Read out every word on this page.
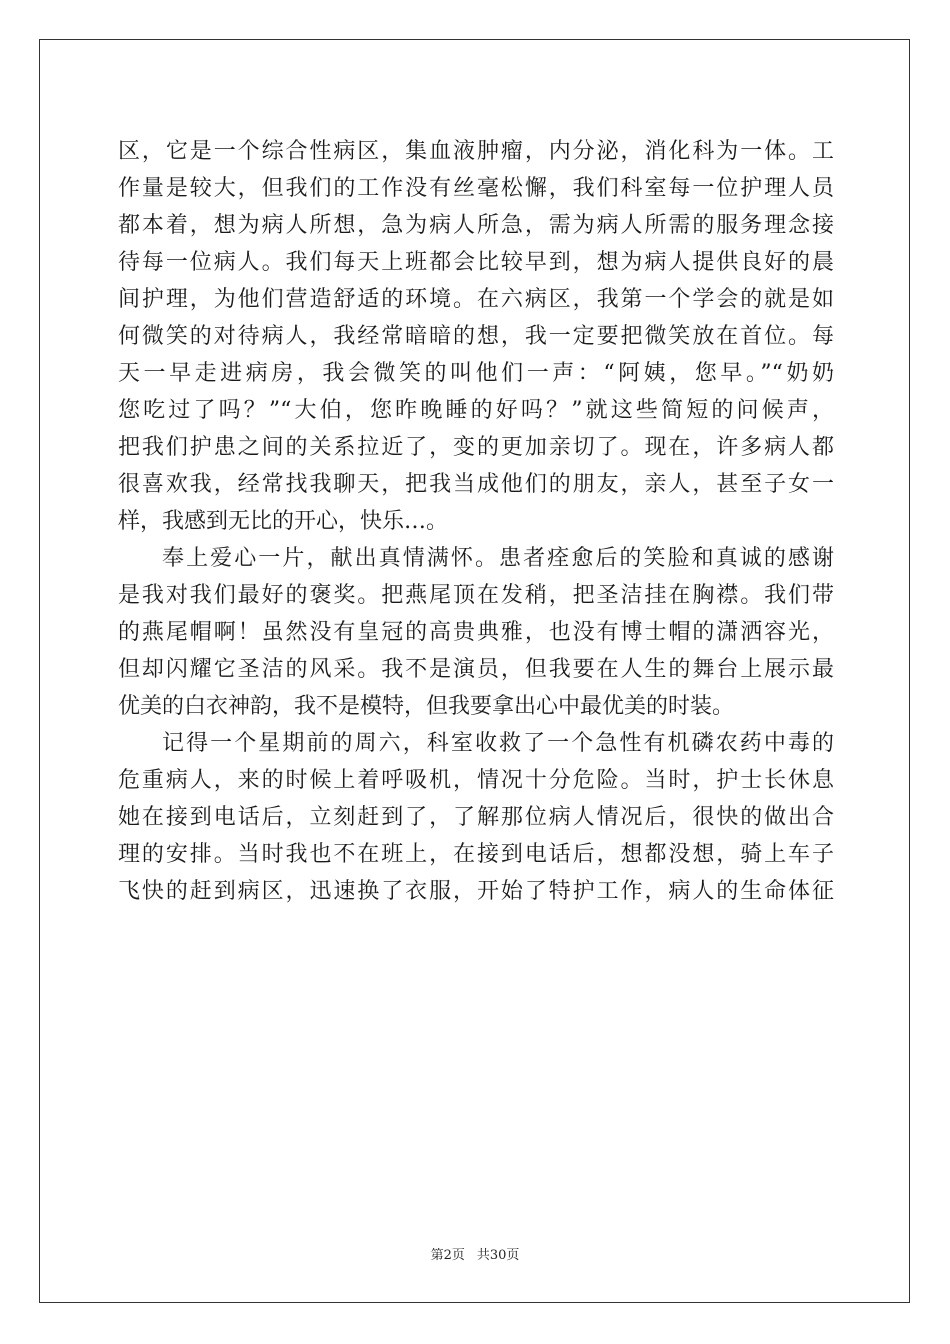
区，它是一个综合性病区，集血液肿瘤，内分泌，消化科为一体。工
作量是较大，但我们的工作没有丝毫松懈，我们科室每一位护理人员
都本着，想为病人所想，急为病人所急，需为病人所需的服务理念接
待每一位病人。我们每天上班都会比较早到，想为病人提供良好的晨
间护理，为他们营造舒适的环境。在六病区，我第一个学会的就是如
何微笑的对待病人，我经常暗暗的想，我一定要把微笑放在首位。每
天一早走进病房，我会微笑的叫他们一声：“阿姨，您早。”“奶奶
您吃过了吗？”“大伯，您昨晚睡的好吗？”就这些简短的问候声，
把我们护患之间的关系拉近了，变的更加亲切了。现在，许多病人都
很喜欢我，经常找我聊天，把我当成他们的朋友，亲人，甚至子女一
样，我感到无比的开心，快乐…。
奉上爱心一片，献出真情满怀。患者痊愈后的笑脸和真诚的感谢
是我对我们最好的褒奖。把燕尾顶在发稍，把圣洁挂在胸襟。我们带
的燕尾帽啊！虽然没有皇冠的高贵典雅，也没有博士帽的潇洒容光，
但却闪耀它圣洁的风采。我不是演员，但我要在人生的舞台上展示最
优美的白衣神韵，我不是模特，但我要拿出心中最优美的时装。
记得一个星期前的周六，科室收救了一个急性有机磷农药中毒的
危重病人，来的时候上着呼吸机，情况十分危险。当时，护士长休息
她在接到电话后，立刻赶到了，了解那位病人情况后，很快的做出合
理的安排。当时我也不在班上，在接到电话后，想都没想，骑上车子
飞快的赶到病区，迅速换了衣服，开始了特护工作，病人的生命体征
第2页 共30页
